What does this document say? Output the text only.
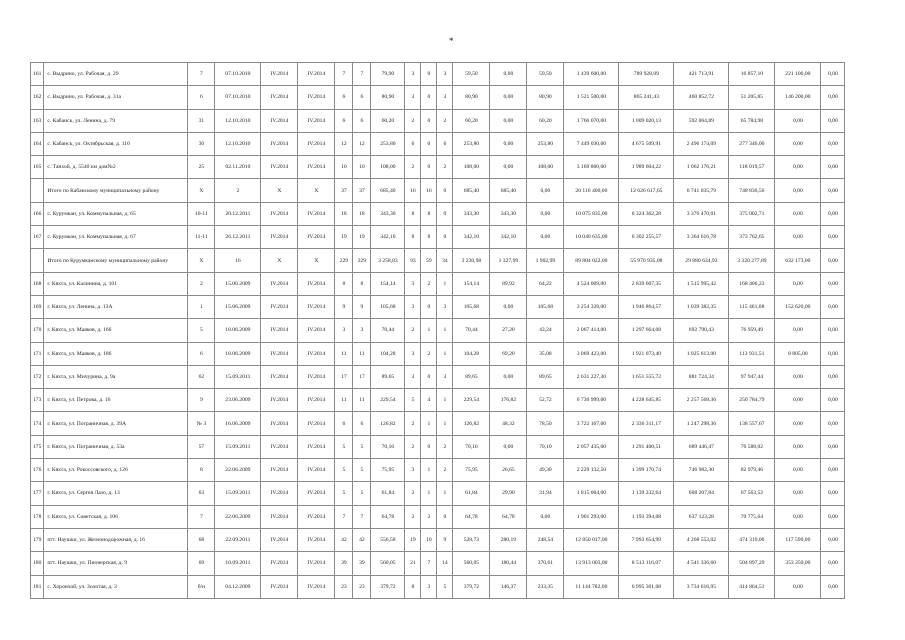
*
161	с. Выдрино, ул. Рабочая, д. 29	7	07.10.2010	IV.2014	IV.2014	7	7	79,90	3	0	3	59,50	0,00	59,50	1 439 600,00	789 928,09	421 713,91	16 857,10	221 100,00	0,00
162	с. Выдрино, ул. Рабочая, д. 31а	6	07.10.2010	IV.2014	IV.2014	6	6	80,90	3	0	3	80,90	0,00	80,90	1 521 500,00	865 241,43	460 852,72	51 205,85	146 200,00	0,00
163	с. Кабанск, ул. Ленина, д. 79	31	12.10.2010	IV.2014	IV.2014	6	6	60,20	2	0	2	60,20	0,00	60,20	1 766 670,00	1 009 020,13	592 064,89	65 784,98	0,00	0,00
164	с. Кабанск, ул. Октябрьская, д. 116	30	12.10.2010	IV.2014	IV.2014	12	12	253,80	6	0	6	253,80	0,00	253,80	7 449 030,00	4 675 509,91	2 496 174,09	277 346,00	0,00	0,00
165	с. Танхой, д. 5540 км дом№2	25	02.11.2010	IV.2014	IV.2014	10	10	108,00	2	0	2	108,00	0,00	108,00	3 169 800,00	1 989 604,22	1 062 176,21	118 019,57	0,00	0,00
	Итого по Кабанскому муниципальному району	X	2	X	X	37	37	685,40	16	16	0	685,40	685,40	0,00	20 116 400,00	12 626 617,65	6 741 035,79	748 836,56	0,00	0,00
166	с. Курумкан, ул. Коммунальная, д. 65	10-11	20.12.2011	IV.2014	IV.2014	18	18	343,30	8	8	0	343,30	343,30	0,00	10 075 835,00	6 324 362,28	3 376 470,01	375 002,71	0,00	0,00
167	с. Курумкан, ул. Коммунальная, д. 67	11-11	26.12.2011	IV.2014	IV.2014	19	19	342,10	8	8	0	342,10	342,10	0,00	10 040 635,00	6 302 255,57	3 364 616,78	373 762,65	0,00	0,00
	Итого по Курумканскому муниципальному району	X	16	X	X	229	229	3 258,83	93	59	34	3 230,98	1 327,99	1 902,99	89 804 022,00	55 970 935,08	29 880 634,93	3 320 277,89	632 173,00	0,00
168	г. Кяхта, ул. Калинина, д. 101	2	15.06.2009	IV.2014	IV.2014	8	8	154,14	3	2	1	154,14	89,92	64,22	4 524 009,00	2 839 607,35	1 515 995,42	168 406,23	0,00	0,00
169	г. Кяхта, ул. Ленина, д. 13А	1	15.06.2009	IV.2014	IV.2014	9	9	105,68	3	0	3	105,68	0,00	105,68	3 254 328,00	1 946 864,57	1 039 382,35	115 461,08	152 620,00	0,00
170	г. Кяхта, ул. Маяков, д. 166	5	18.06.2009	IV.2014	IV.2014	3	3	70,44	2	1	1	70,44	27,20	43,24	2 067 414,00	1 297 664,08	692 790,43	76 959,49	0,00	0,00
171	г. Кяхта, ул. Маяков, д. 186	6	18.06.2009	IV.2014	IV.2014	11	11	104,28	3	2	1	104,28	69,20	35,08	3 069 423,00	1 921 073,40	1 025 613,00	113 931,51	8 805,00	0,00
172	г. Кяхта, ул. Мичурина, д. 9а	62	15.09.2011	IV.2014	IV.2014	17	17	89,65	3	0	3	89,65	0,00	89,65	2 631 227,30	1 651 555,72	881 724,34	97 947,44	0,00	0,00
173	г. Кяхта, ул. Петрова, д. 16	9	23.06.2009	IV.2014	IV.2014	11	11	229,54	5	4	1	229,54	176,82	52,72	6 736 999,00	4 228 645,85	2 257 568,36	250 784,79	0,00	0,00
174	г. Кяхта, ул. Пограничная, д. 39А	№ 3	16.06.2009	IV.2014	IV.2014	6	6	126,82	2	1	1	126,82	48,32	78,50	3 722 167,00	2 336 311,17	1 247 298,36	138 557,67	0,00	0,00
175	г. Кяхта, ул. Пограничная, д. 53а	57	15.09.2011	IV.2014	IV.2014	5	5	70,10	2	0	2	70,10	0,00	70,10	2 057 435,00	1 291 400,51	689 446,47	76 588,02	0,00	0,00
176	г. Кяхта, ул. Рокоссовского, д. 126	8	22.06.2009	IV.2014	IV.2014	5	5	75,95	3	1	2	75,95	26,65	49,30	2 229 132,50	1 399 170,74	746 982,30	82 979,46	0,00	0,00
177	г. Кяхта, ул. Сергея Лазо, д. 13	63	15.09.2011	IV.2014	IV.2014	5	5	61,84	2	1	1	61,84	29,90	31,94	1 815 004,00	1 139 232,64	608 207,84	67 563,52	0,00	0,00
178	г. Кяхта, ул. Советская, д. 106	7	22.06.2009	IV.2014	IV.2014	7	7	64,78	2	2	0	64,78	64,78	0,00	1 901 293,00	1 193 394,08	637 123,28	70 775,64	0,00	0,00
179	пгт. Наушки, ул. Железнодорожная, д. 16	68	22.09.2011	IV.2014	IV.2014	42	42	556,58	19	10	9	528,73	280,19	248,54	12 850 017,00	7 993 654,99	4 268 553,02	474 319,00	117 590,00	0,00
180	пгт. Наушки, ул. Пионерская, д. 9	69	10.09.2011	IV.2014	IV.2014	39	39	560,05	21	7	14	560,05	180,44	370,61	13 913 003,00	8 513 116,07	4 541 336,60	504 897,29	353 250,00	0,00
181	с. Хоронхой, ул. Золотая, д. 3	б/н	04.12.2009	IV.2014	IV.2014	23	23	379,72	8	3	5	379,72	146,37	233,35	11 144 782,00	6 995 301,08	3 734 616,95	414 864,51	0,00	0,00
